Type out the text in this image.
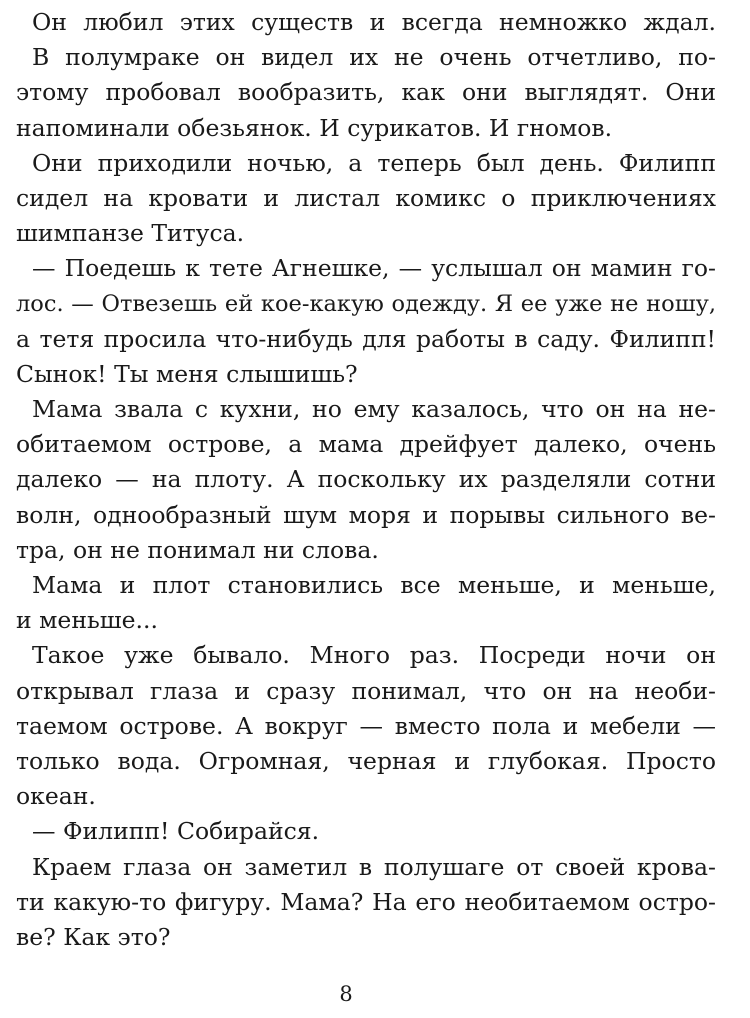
Он любил этих существ и всегда немножко ждал.
В полумраке он видел их не очень отчетливо, по-
этому пробовал вообразить, как они выглядят. Они
напоминали обезьянок. И сурикатов. И гномов.
Они приходили ночью, а теперь был день. Филипп
сидел на кровати и листал комикс о приключениях
шимпанзе Титуса.
— Поедешь к тете Агнешке, — услышал он мамин го-
лос. — Отвезешь ей кое-какую одежду. Я ее уже не ношу,
а тетя просила что-нибудь для работы в саду. Филипп!
Сынок! Ты меня слышишь?
Мама звала с кухни, но ему казалось, что он на не-
обитаемом острове, а мама дрейфует далеко, очень
далеко — на плоту. А поскольку их разделяли сотни
волн, однообразный шум моря и порывы сильного ве-
тра, он не понимал ни слова.
Мама и плот становились все меньше, и меньше,
и меньше...
Такое уже бывало. Много раз. Посреди ночи он
открывал глаза и сразу понимал, что он на необи-
таемом острове. А вокруг — вместо пола и мебели —
только вода. Огромная, черная и глубокая. Просто
океан.
— Филипп! Собирайся.
Краем глаза он заметил в полушаге от своей крова-
ти какую-то фигуру. Мама? На его необитаемом остро-
ве? Как это?
8
